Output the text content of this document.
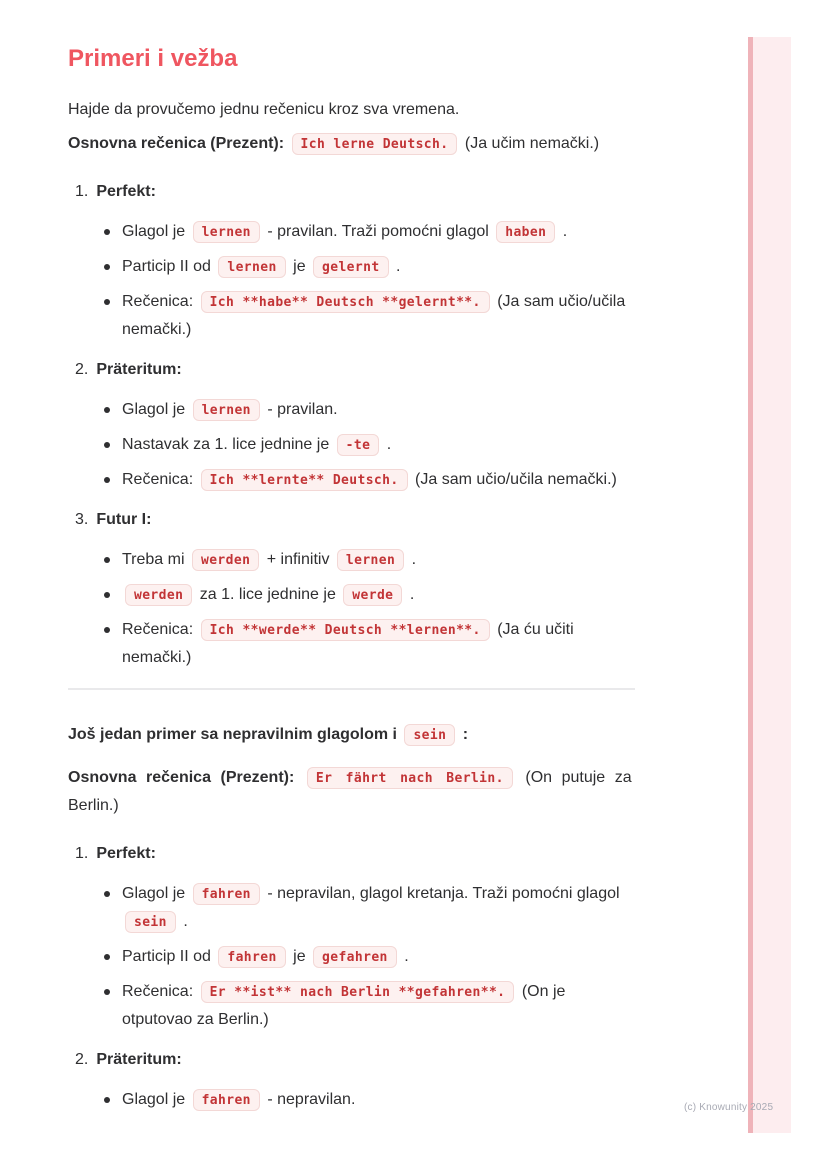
(c) Knowunity 2025
Primeri i vežba

Hajde da provučemo jednu rečenicu kroz sva vremena.

Osnovna rečenica (Prezent): Ich lerne Deutsch. (Ja učim nemački.)

1. Perfekt:
Glagol je lernen - pravilan. Traži pomoćni glagol haben .
Particip II od lernen je gelernt .
Rečenica: Ich **habe** Deutsch **gelernt**. (Ja sam učio/učila
nemački.)
2. Präteritum:
Glagol je lernen - pravilan.
Nastavak za 1. lice jednine je -te .
Rečenica: Ich **lernte** Deutsch. (Ja sam učio/učila nemački.)
3. Futur I:
Treba mi werden + infinitiv lernen .
werden za 1. lice jednine je werde .
Rečenica: Ich **werde** Deutsch **lernen**. (Ja ću učiti
nemački.)

Još jedan primer sa nepravilnim glagolom i sein :

Osnovna rečenica (Prezent): Er fährt nach Berlin. (On putuje za
Berlin.)

1. Perfekt:
Glagol je fahren - nepravilan, glagol kretanja. Traži pomoćni glagol
sein .
Particip II od fahren je gefahren .
Rečenica: Er **ist** nach Berlin **gefahren**. (On je
otputovao za Berlin.)
2. Präteritum:
Glagol je fahren - nepravilan.
